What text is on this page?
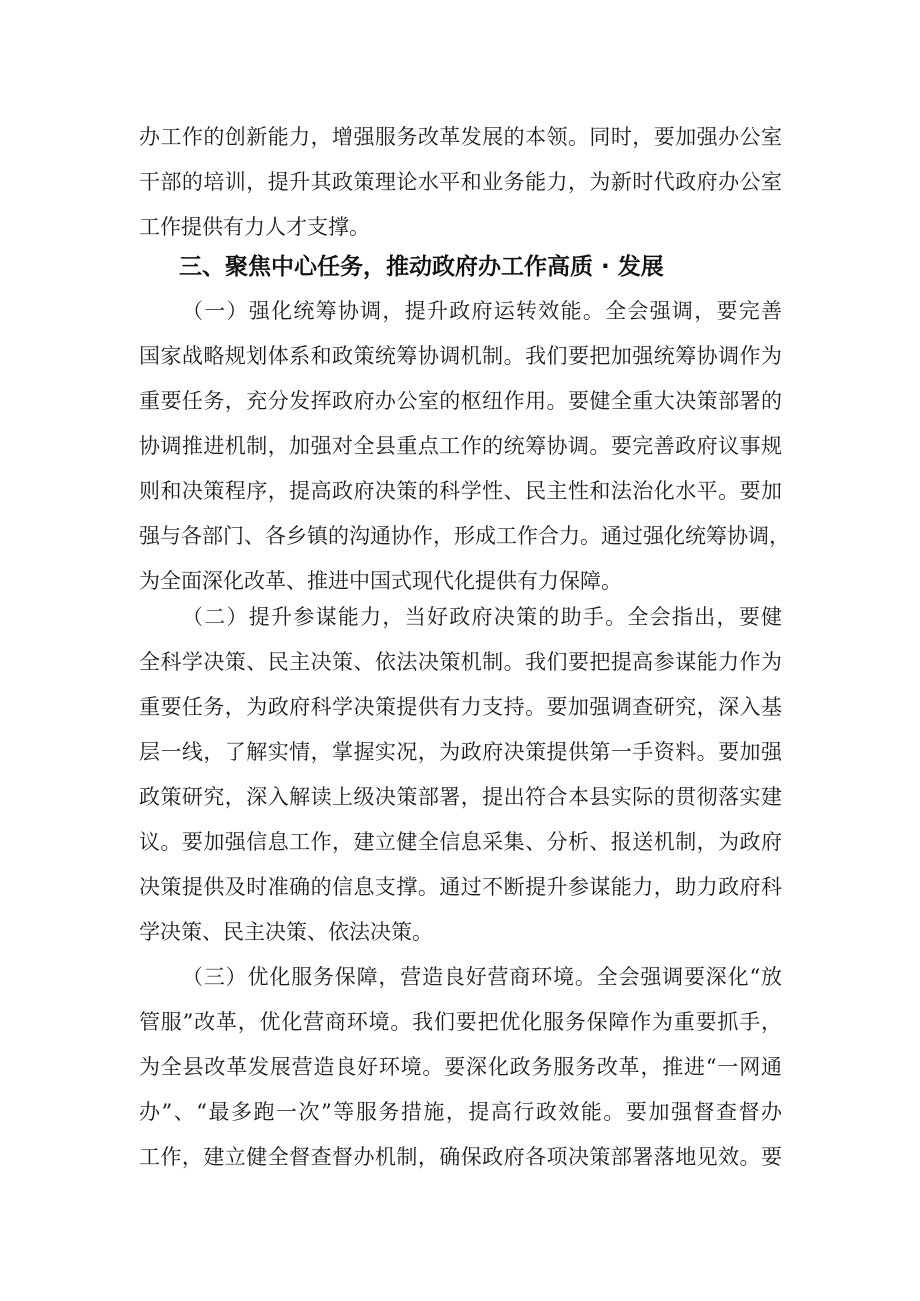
办工作的创新能力，增强服务改革发展的本领。同时，要加强办公室
干部的培训，提升其政策理论水平和业务能力，为新时代政府办公室
工作提供有力人才支撑。
三、聚焦中心任务，推动政府办工作高质 · 发展
（一）强化统筹协调，提升政府运转效能。全会强调，要完善
国家战略规划体系和政策统筹协调机制。我们要把加强统筹协调作为
重要任务，充分发挥政府办公室的枢纽作用。要健全重大决策部署的
协调推进机制，加强对全县重点工作的统筹协调。要完善政府议事规
则和决策程序，提高政府决策的科学性、民主性和法治化水平。要加
强与各部门、各乡镇的沟通协作，形成工作合力。通过强化统筹协调，
为全面深化改革、推进中国式现代化提供有力保障。
（二）提升参谋能力，当好政府决策的助手。全会指出，要健
全科学决策、民主决策、依法决策机制。我们要把提高参谋能力作为
重要任务，为政府科学决策提供有力支持。要加强调查研究，深入基
层一线，了解实情，掌握实况，为政府决策提供第一手资料。要加强
政策研究，深入解读上级决策部署，提出符合本县实际的贯彻落实建
议。要加强信息工作，建立健全信息采集、分析、报送机制，为政府
决策提供及时准确的信息支撑。通过不断提升参谋能力，助力政府科
学决策、民主决策、依法决策。
（三）优化服务保障，营造良好营商环境。全会强调要深化“放
管服”改革，优化营商环境。我们要把优化服务保障作为重要抓手，
为全县改革发展营造良好环境。要深化政务服务改革，推进“一网通
办”、“最多跑一次”等服务措施，提高行政效能。要加强督查督办
工作，建立健全督查督办机制，确保政府各项决策部署落地见效。要
